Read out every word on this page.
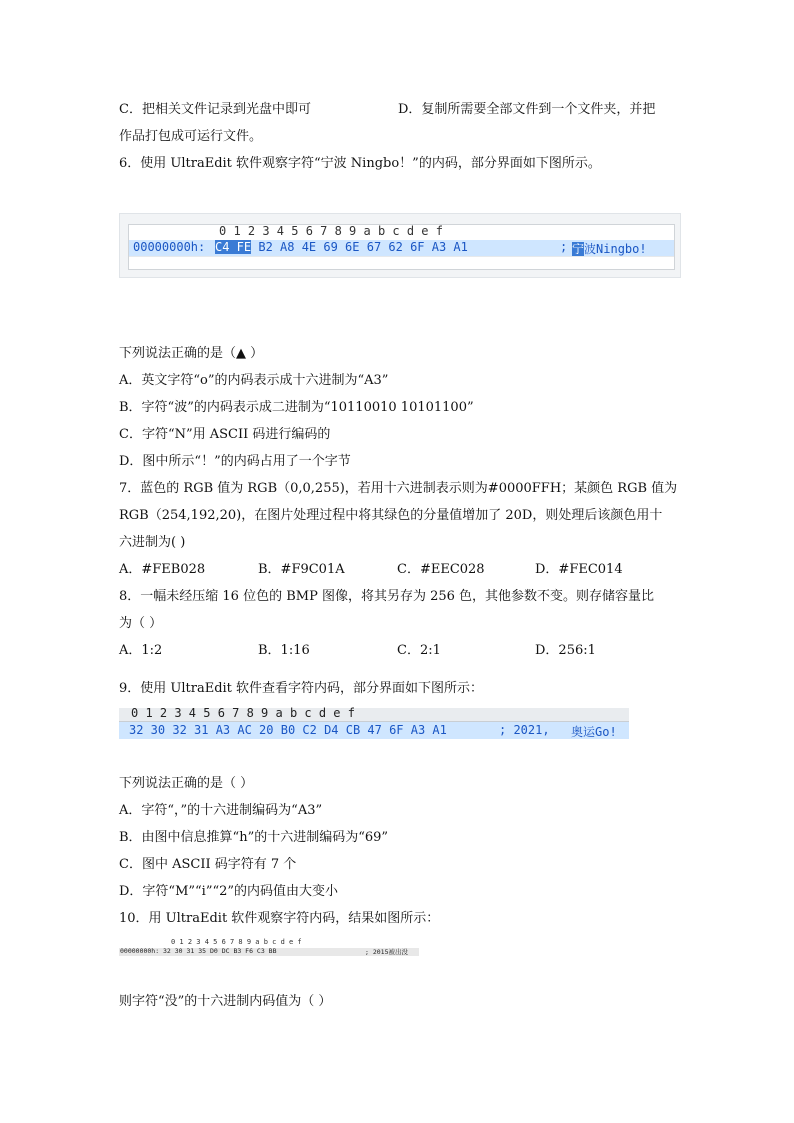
C．把相关文件记录到光盘中即可	D．复制所需要全部文件到一个文件夹，并把
作品打包成可运行文件。
6．使用 UltraEdit 软件观察字符“宁波 Ningbo！”的内码，部分界面如下图所示。
0 1 2 3 4 5 6 7 8 9 a b c d e f
00000000h: C4 FE B2 A8 4E 69 6E 67 62 6F A3 A1	; 宁波Ningbo!
下列说法正确的是（▲ ）
A．英文字符“o”的内码表示成十六进制为“A3”
B．字符“波”的内码表示成二进制为“10110010 10101100”
C．字符“N”用 ASCII 码进行编码的
D．图中所示“！”的内码占用了一个字节
7．蓝色的 RGB 值为 RGB（0,0,255)，若用十六进制表示则为#0000FFH；某颜色 RGB 值为
RGB（254,192,20)，在图片处理过程中将其绿色的分量值增加了 20D，则处理后该颜色用十
六进制为( )
A．#FEB028	B．#F9C01A	C．#EEC028	D．#FEC014
8．一幅未经压缩 16 位色的 BMP 图像，将其另存为 256 色，其他参数不变。则存储容量比
为（ ）
A．1:2	B．1:16	C．2:1	D．256:1
9．使用 UltraEdit 软件查看字符内码，部分界面如下图所示：
0 1 2 3 4 5 6 7 8 9 a b c d e f
32 30 32 31 A3 AC 20 B0 C2 D4 CB 47 6F A3 A1	; 2021, 奥运Go!
下列说法正确的是（ ）
A．字符“，”的十六进制编码为“A3”
B．由图中信息推算“h”的十六进制编码为“69”
C．图中 ASCII 码字符有 7 个
D．字符“M”“i”“2”的内码值由大变小
10．用 UltraEdit 软件观察字符内码，结果如图所示：
0 1 2 3 4 5 6 7 8 9 a b c d e f
00000000h: 32 30 31 35 D0 DC B3 F6 C3 BB	; 2015被出没
则字符“没”的十六进制内码值为（ ）
